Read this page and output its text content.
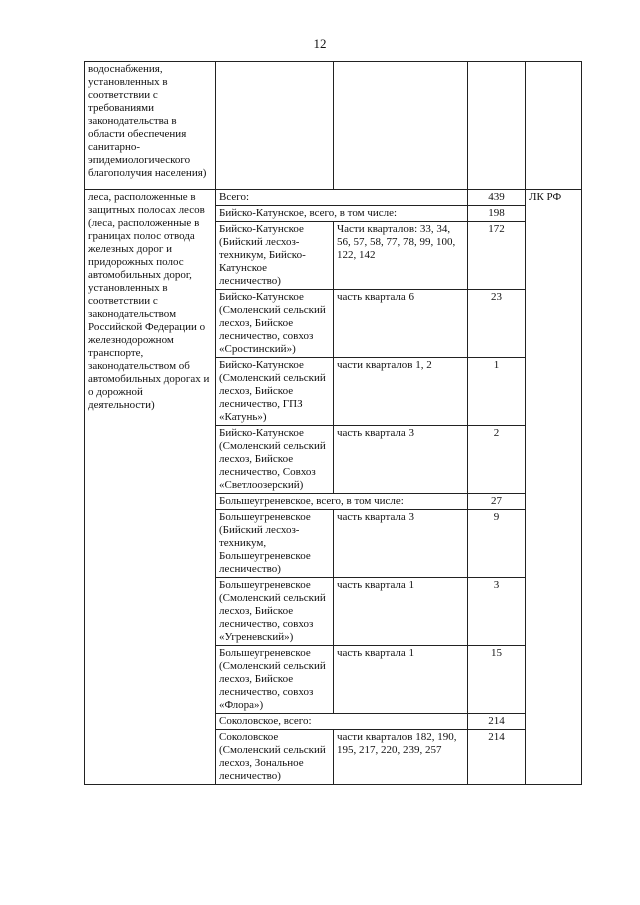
12
водоснабжения, установленных в соответствии с требованиями законодательства в области обеспечения санитарно-эпидемиологического благополучия населения)				
леса, расположенные в защитных полосах лесов (леса, расположенные в границах полос отвода железных дорог и придорожных полос автомобильных дорог, установленных в соответствии с законодательством Российской Федерации о железнодорожном транспорте, законодательством об автомобильных дорогах и о дорожной деятельности)	Всего:		439	ЛК РФ
	Бийско-Катунское, всего, в том числе:		198	
	Бийско-Катунское (Бийский лесхоз-техникум, Бийско-Катунское лесничество)	Части кварталов: 33, 34, 56, 57, 58, 77, 78, 99, 100, 122, 142	172	
	Бийско-Катунское (Смоленский сельский лесхоз, Бийское лесничество, совхоз «Сростинский»)	часть квартала 6	23	
	Бийско-Катунское (Смоленский сельский лесхоз, Бийское лесничество, ГПЗ «Катунь»)	части кварталов 1, 2	1	
	Бийско-Катунское (Смоленский сельский лесхоз, Бийское лесничество, Совхоз «Светлоозерский)	часть квартала 3	2	
	Большеугреневское, всего, в том числе:		27	
	Большеугреневское (Бийский лесхоз-техникум, Большеугреневское лесничество)	часть квартала 3	9	
	Большеугреневское (Смоленский сельский лесхоз, Бийское лесничество, совхоз «Угреневский»)	часть квартала 1	3	
	Большеугреневское (Смоленский сельский лесхоз, Бийское лесничество, совхоз «Флора»)	часть квартала 1	15	
	Соколовское, всего:		214	
	Соколовское (Смоленский сельский лесхоз, Зональное лесничество)	части кварталов 182, 190, 195, 217, 220, 239, 257	214	
